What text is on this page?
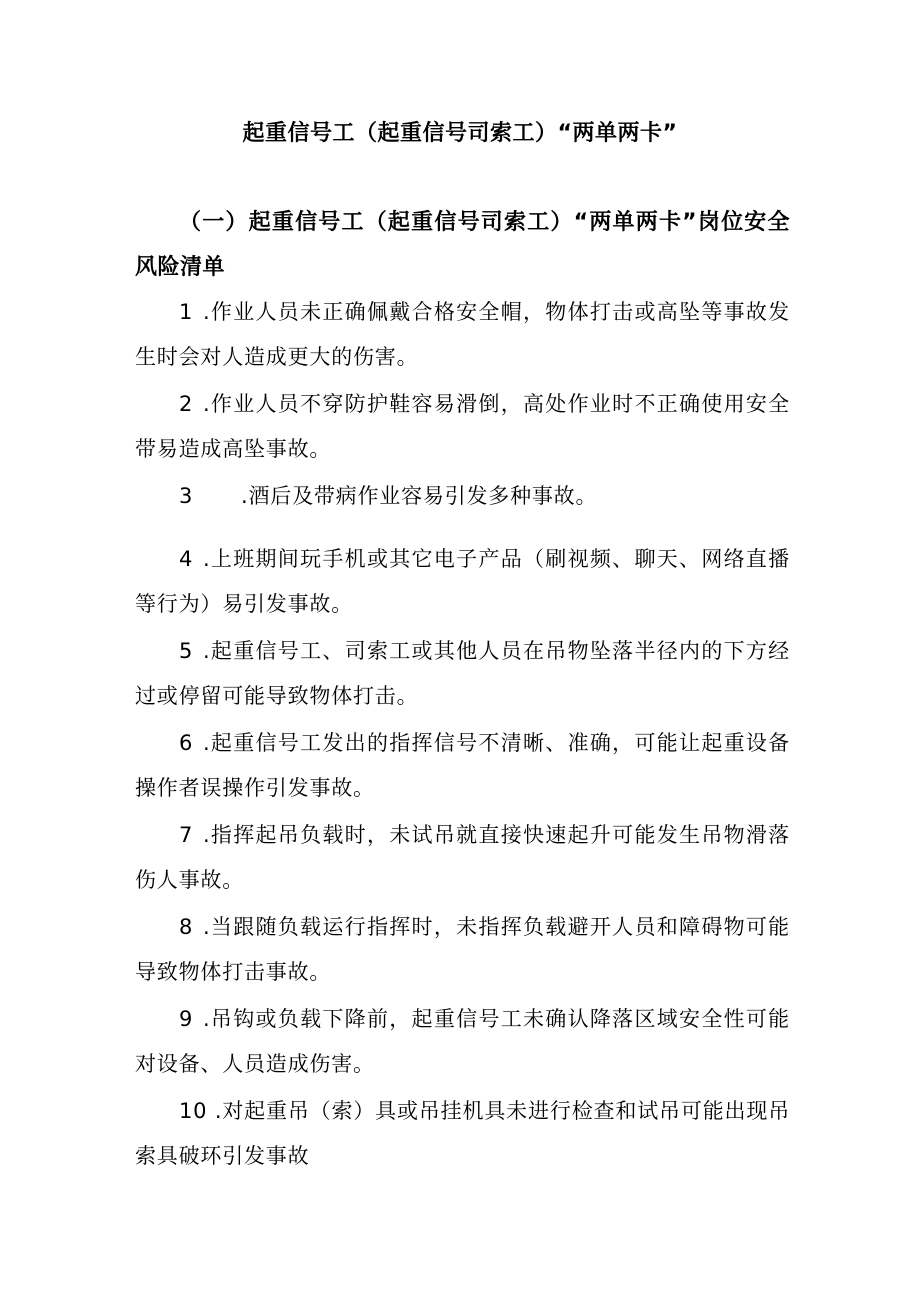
起重信号工（起重信号司索工）“两单两卡”
（一）起重信号工（起重信号司索工）“两单两卡”岗位安全风险清单

1 .作业人员未正确佩戴合格安全帽，物体打击或高坠等事故发生时会对人造成更大的伤害。

2 .作业人员不穿防护鞋容易滑倒，高处作业时不正确使用安全带易造成高坠事故。

3 .酒后及带病作业容易引发多种事故。

4 .上班期间玩手机或其它电子产品（刷视频、聊天、网络直播等行为）易引发事故。

5 .起重信号工、司索工或其他人员在吊物坠落半径内的下方经过或停留可能导致物体打击。

6 .起重信号工发出的指挥信号不清晰、准确，可能让起重设备操作者误操作引发事故。

7 .指挥起吊负载时，未试吊就直接快速起升可能发生吊物滑落伤人事故。

8 .当跟随负载运行指挥时，未指挥负载避开人员和障碍物可能导致物体打击事故。

9 .吊钩或负载下降前，起重信号工未确认降落区域安全性可能对设备、人员造成伤害。

10 .对起重吊（索）具或吊挂机具未进行检查和试吊可能出现吊索具破环引发事故
